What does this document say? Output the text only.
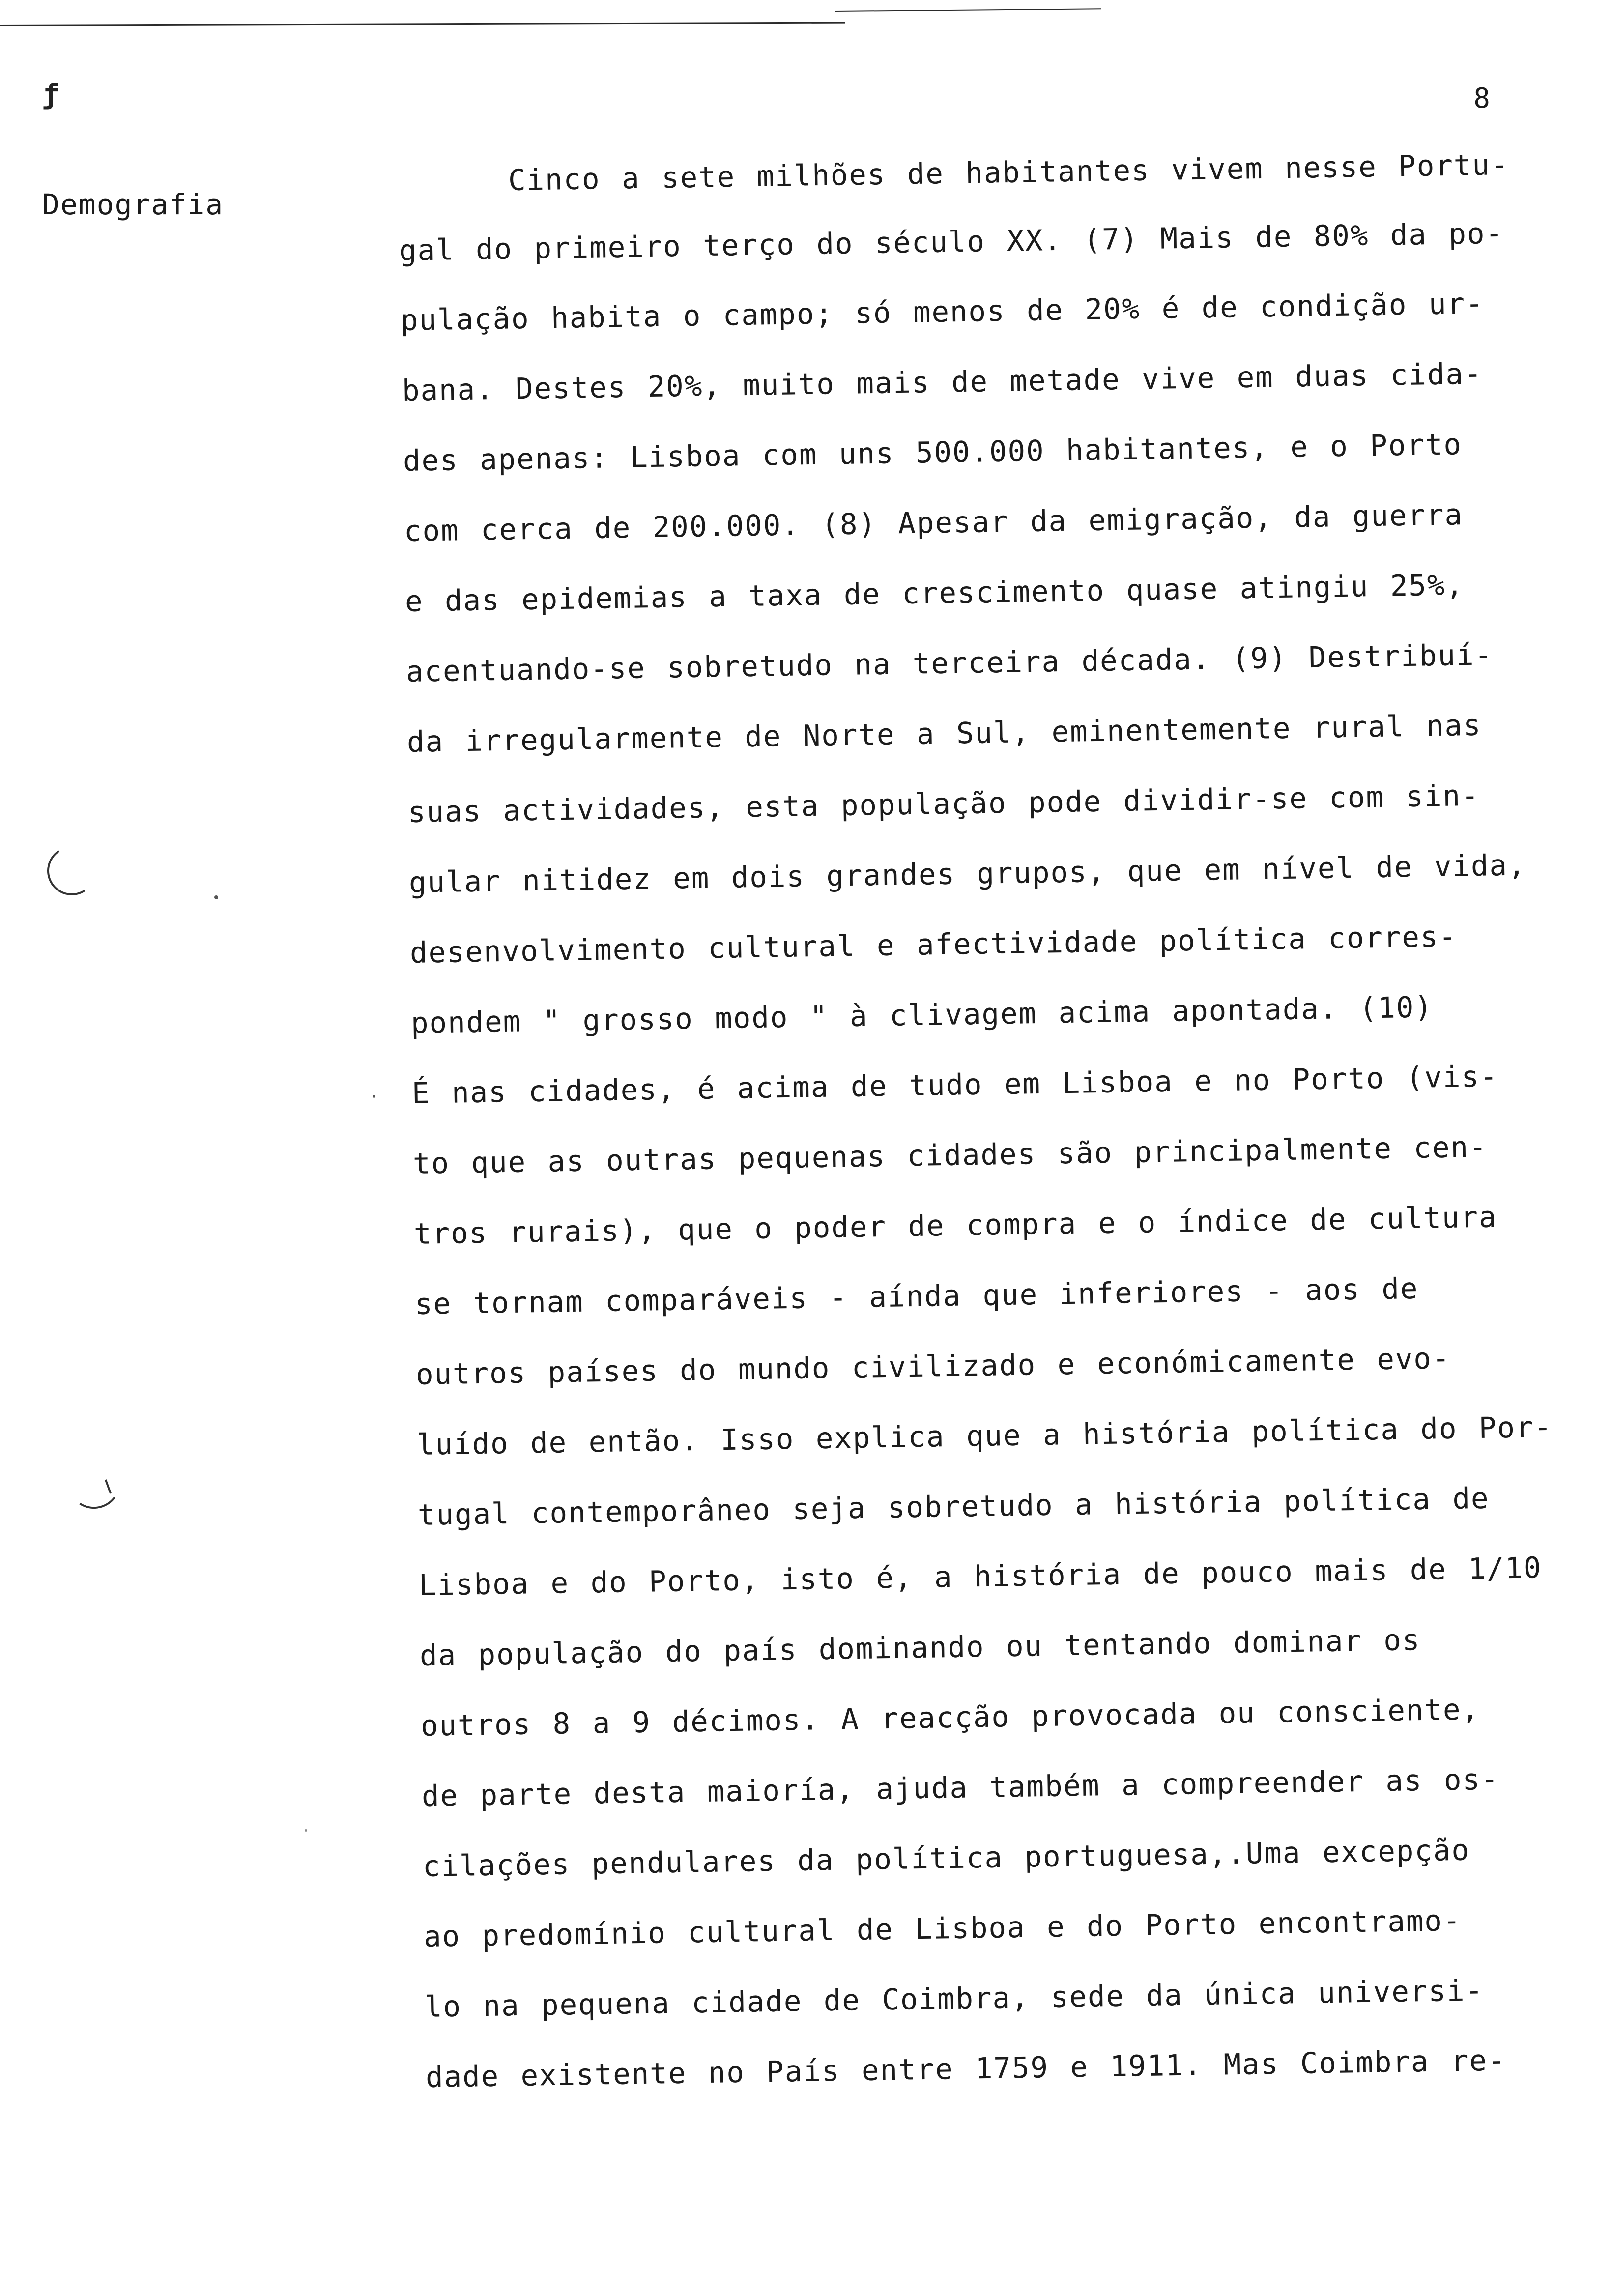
ƒ	8
Demografia
Cinco a sete milhões de habitantes vivem nesse Portu-
gal do primeiro terço do século XX. (7) Mais de 80% da po-
pulação habita o campo; só menos de 20% é de condição ur-
bana. Destes 20%, muito mais de metade vive em duas cida-
des apenas: Lisboa com uns 500.000 habitantes, e o Porto
com cerca de 200.000. (8) Apesar da emigração, da guerra
e das epidemias a taxa de crescimento quase atingiu 25%,
acentuando-se sobretudo na terceira década. (9) Destribuí-
da irregularmente de Norte a Sul, eminentemente rural nas
suas actividades, esta população pode dividir-se com sin-
gular nitidez em dois grandes grupos, que em nível de vida,
desenvolvimento cultural e afectividade política corres-
pondem " grosso modo " à clivagem acima apontada. (10)
É nas cidades, é acima de tudo em Lisboa e no Porto (vis-
to que as outras pequenas cidades são principalmente cen-
tros rurais), que o poder de compra e o índice de cultura
se tornam comparáveis - aínda que inferiores - aos de
outros países do mundo civilizado e económicamente evo-
luído de então. Isso explica que a história política do Por-
tugal contemporâneo seja sobretudo a história política de
Lisboa e do Porto, isto é, a história de pouco mais de 1/10
da população do país dominando ou tentando dominar os
outros 8 a 9 décimos. A reacção provocada ou consciente,
de parte desta maioría, ajuda também a compreender as os-
cilações pendulares da política portuguesa,.Uma excepção
ao predomínio cultural de Lisboa e do Porto encontramo-
lo na pequena cidade de Coimbra, sede da única universi-
dade existente no País entre 1759 e 1911. Mas Coimbra re-
